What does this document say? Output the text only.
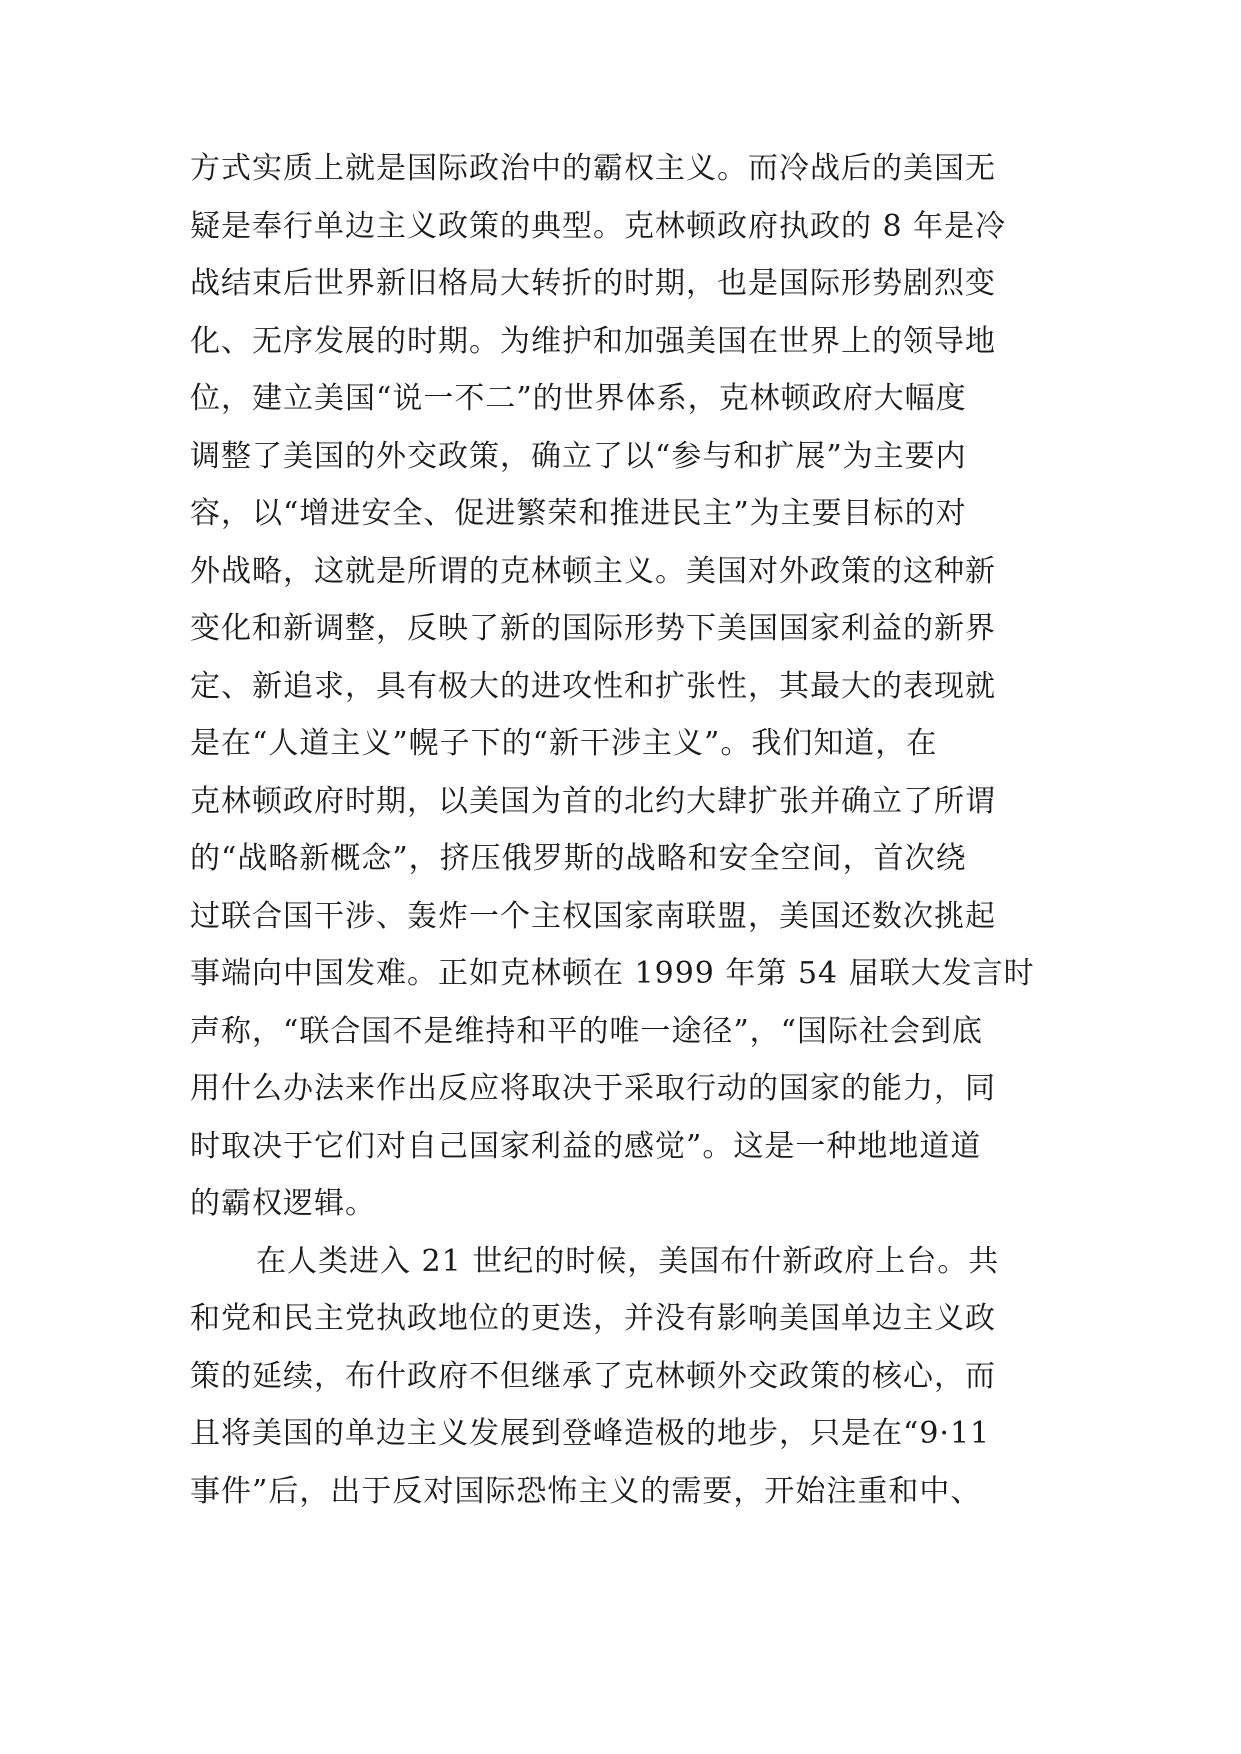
方式实质上就是国际政治中的霸权主义。而冷战后的美国无
疑是奉行单边主义政策的典型。克林顿政府执政的 8 年是冷
战结束后世界新旧格局大转折的时期，也是国际形势剧烈变
化、无序发展的时期。为维护和加强美国在世界上的领导地
位，建立美国“说一不二”的世界体系，克林顿政府大幅度
调整了美国的外交政策，确立了以“参与和扩展”为主要内
容，以“增进安全、促进繁荣和推进民主”为主要目标的对
外战略，这就是所谓的克林顿主义。美国对外政策的这种新
变化和新调整，反映了新的国际形势下美国国家利益的新界
定、新追求，具有极大的进攻性和扩张性，其最大的表现就
是在“人道主义”幌子下的“新干涉主义”。我们知道，在
克林顿政府时期，以美国为首的北约大肆扩张并确立了所谓
的“战略新概念”，挤压俄罗斯的战略和安全空间，首次绕
过联合国干涉、轰炸一个主权国家南联盟，美国还数次挑起
事端向中国发难。正如克林顿在 1999 年第 54 届联大发言时
声称，“联合国不是维持和平的唯一途径”，“国际社会到底
用什么办法来作出反应将取决于采取行动的国家的能力，同
时取决于它们对自己国家利益的感觉”。这是一种地地道道
的霸权逻辑。
在人类进入 21 世纪的时候，美国布什新政府上台。共
和党和民主党执政地位的更迭，并没有影响美国单边主义政
策的延续，布什政府不但继承了克林顿外交政策的核心，而
且将美国的单边主义发展到登峰造极的地步，只是在“9·11
事件”后，出于反对国际恐怖主义的需要，开始注重和中、
